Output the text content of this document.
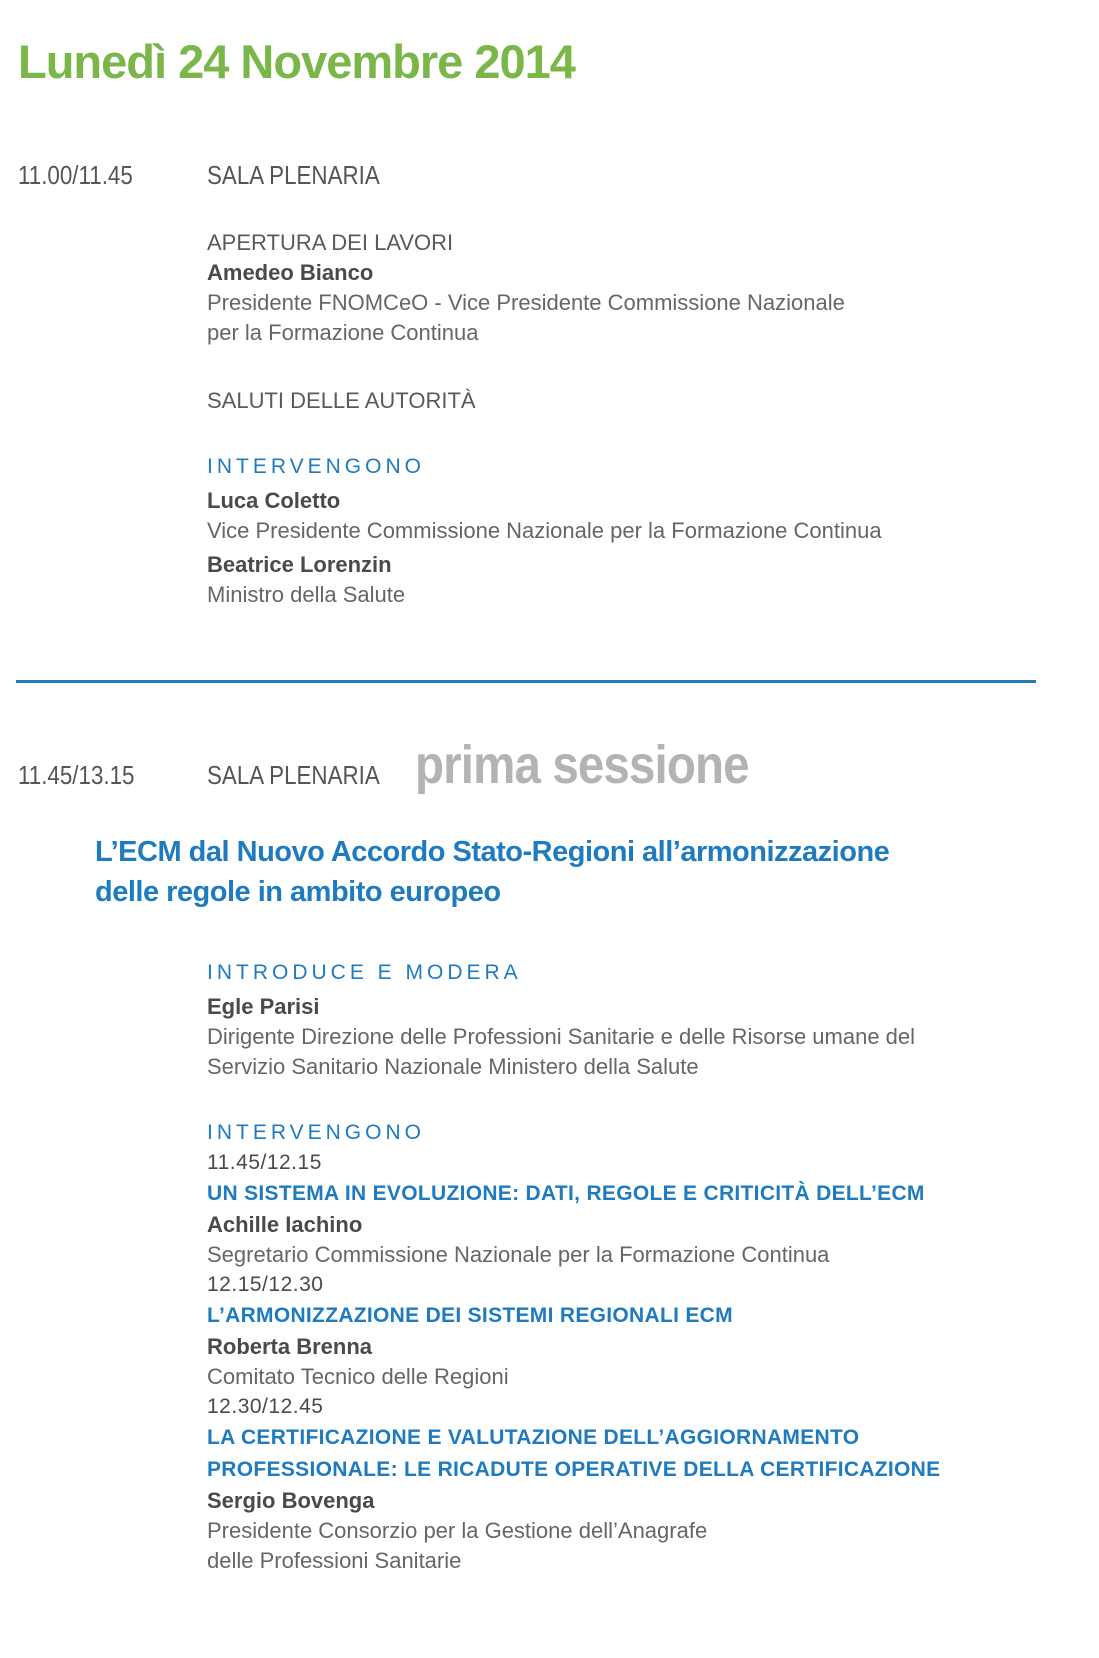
Lunedì 24 Novembre 2014
11.00/11.45	SALA PLENARIA
APERTURA DEI LAVORI
Amedeo Bianco
Presidente FNOMCeO - Vice Presidente Commissione Nazionale
per la Formazione Continua
SALUTI DELLE AUTORITÀ
INTERVENGONO
Luca Coletto
Vice Presidente Commissione Nazionale per la Formazione Continua
Beatrice Lorenzin
Ministro della Salute
11.45/13.15	SALA PLENARIA prima sessione
L’ECM dal Nuovo Accordo Stato-Regioni all’armonizzazione
delle regole in ambito europeo
INTRODUCE E MODERA
Egle Parisi
Dirigente Direzione delle Professioni Sanitarie e delle Risorse umane del
Servizio Sanitario Nazionale Ministero della Salute
INTERVENGONO
11.45/12.15
UN SISTEMA IN EVOLUZIONE: DATI, REGOLE E CRITICITÀ DELL’ECM
Achille Iachino
Segretario Commissione Nazionale per la Formazione Continua
12.15/12.30
L’ARMONIZZAZIONE DEI SISTEMI REGIONALI ECM
Roberta Brenna
Comitato Tecnico delle Regioni
12.30/12.45
LA CERTIFICAZIONE E VALUTAZIONE DELL’AGGIORNAMENTO
PROFESSIONALE: LE RICADUTE OPERATIVE DELLA CERTIFICAZIONE
Sergio Bovenga
Presidente Consorzio per la Gestione dell’Anagrafe
delle Professioni Sanitarie
